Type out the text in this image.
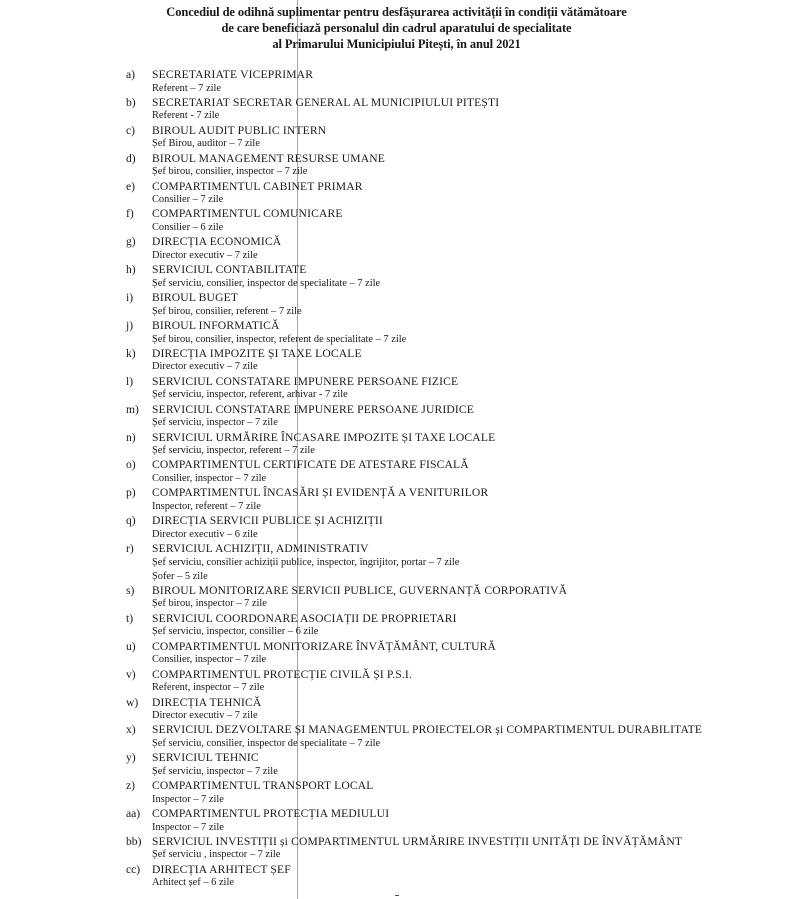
Concediul de odihnă suplimentar pentru desfășurarea activității în condiții vătămătoare
de care beneficiază personalul din cadrul aparatului de specialitate
al Primarului Municipiului Pitești, în anul 2021
a) SECRETARIATE VICEPRIMAR
Referent – 7 zile
b) SECRETARIAT SECRETAR GENERAL AL MUNICIPIULUI PITEȘTI
Referent - 7 zile
c) BIROUL AUDIT PUBLIC INTERN
Șef Birou, auditor – 7 zile
d) BIROUL MANAGEMENT RESURSE UMANE
Șef birou, consilier, inspector – 7 zile
e) COMPARTIMENTUL CABINET PRIMAR
Consilier – 7 zile
f) COMPARTIMENTUL COMUNICARE
Consilier – 6 zile
g) DIRECȚIA ECONOMICĂ
Director executiv – 7 zile
h) SERVICIUL CONTABILITATE
Șef serviciu, consilier, inspector de specialitate – 7 zile
i) BIROUL BUGET
Șef birou, consilier, referent – 7 zile
j) BIROUL INFORMATICĂ
Șef birou, consilier, inspector, referent de specialitate – 7 zile
k) DIRECȚIA IMPOZITE ȘI TAXE LOCALE
Director executiv – 7 zile
l) SERVICIUL CONSTATARE IMPUNERE PERSOANE FIZICE
Șef serviciu, inspector, referent, arhivar - 7 zile
m) SERVICIUL CONSTATARE IMPUNERE PERSOANE JURIDICE
Șef serviciu, inspector – 7 zile
n) SERVICIUL URMĂRIRE ÎNCASARE IMPOZITE ȘI TAXE LOCALE
Șef serviciu, inspector, referent – 7 zile
o) COMPARTIMENTUL CERTIFICATE DE ATESTARE FISCALĂ
Consilier, inspector – 7 zile
p) COMPARTIMENTUL ÎNCASĂRI ȘI EVIDENȚĂ A VENITURILOR
Inspector, referent – 7 zile
q) DIRECȚIA SERVICII PUBLICE ȘI ACHIZIȚII
Director executiv – 6 zile
r) SERVICIUL ACHIZIȚII, ADMINISTRATIV
Șef serviciu, consilier achiziții publice, inspector, îngrijitor, portar – 7 zile
Șofer – 5 zile
s) BIROUL MONITORIZARE SERVICII PUBLICE, GUVERNANȚĂ CORPORATIVĂ
Șef birou, inspector – 7 zile
t) SERVICIUL COORDONARE ASOCIAȚII DE PROPRIETARI
Șef serviciu, inspector, consilier – 6 zile
u) COMPARTIMENTUL MONITORIZARE ÎNVĂȚĂMÂNT, CULTURĂ
Consilier, inspector – 7 zile
v) COMPARTIMENTUL PROTECȚIE CIVILĂ ȘI P.S.I.
Referent, inspector – 7 zile
w) DIRECȚIA TEHNICĂ
Director executiv – 7 zile
x) SERVICIUL DEZVOLTARE ȘI MANAGEMENTUL PROIECTELOR și COMPARTIMENTUL DURABILITATE
Șef serviciu, consilier, inspector de specialitate – 7 zile
y) SERVICIUL TEHNIC
Șef serviciu, inspector – 7 zile
z) COMPARTIMENTUL TRANSPORT LOCAL
Inspector – 7 zile
aa) COMPARTIMENTUL PROTECȚIA MEDIULUI
Inspector – 7 zile
bb) SERVICIUL INVESTIȚII și COMPARTIMENTUL URMĂRIRE INVESTIȚII UNITĂȚI DE ÎNVĂȚĂMÂNT
Șef serviciu , inspector – 7 zile
cc) DIRECȚIA ARHITECT ȘEF
Arhitect șef – 6 zile
